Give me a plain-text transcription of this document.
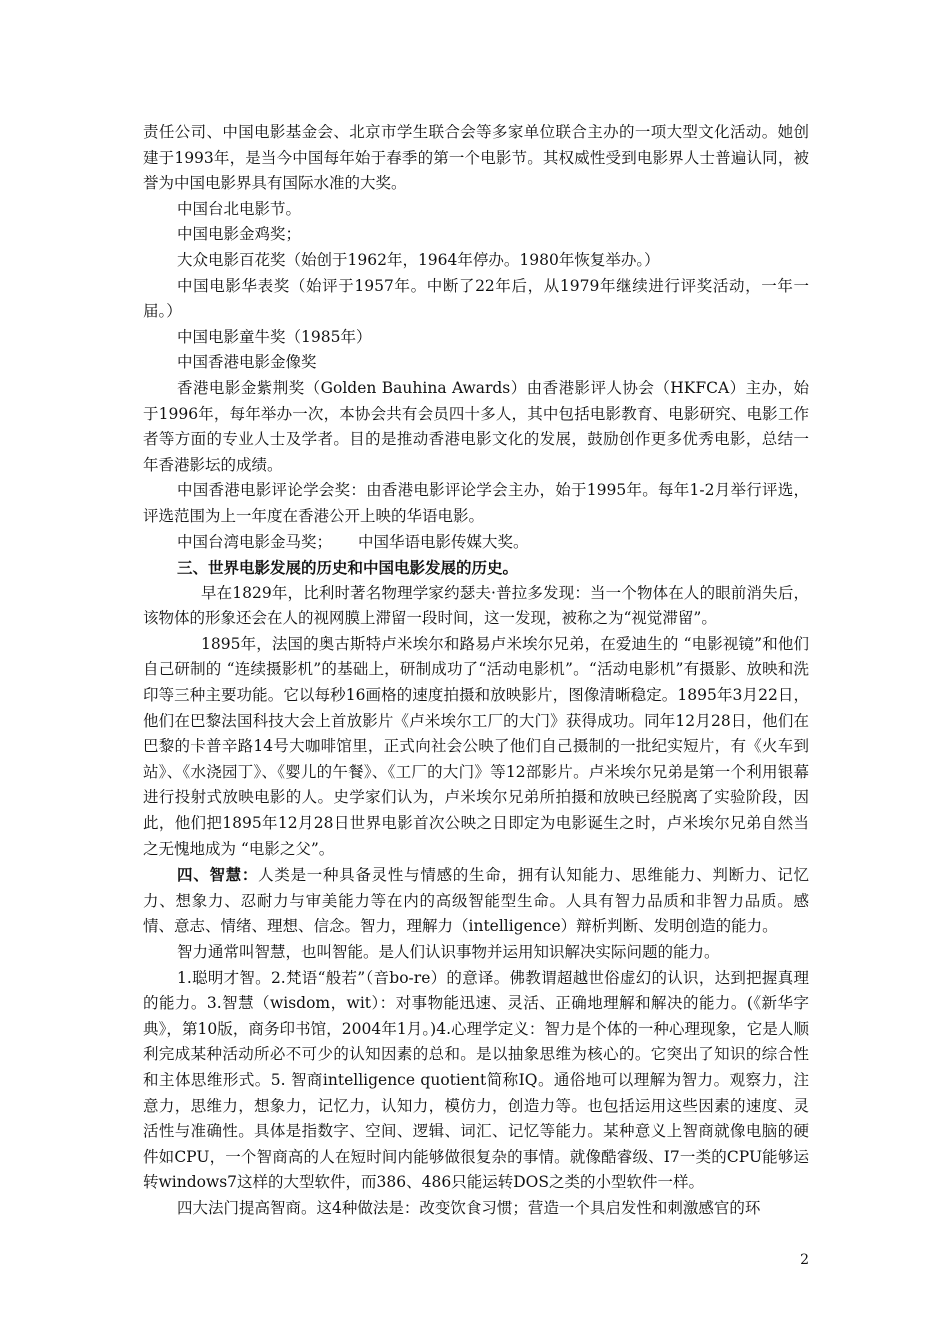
责任公司、中国电影基金会、北京市学生联合会等多家单位联合主办的一项大型文化活动。她创建于1993年，是当今中国每年始于春季的第一个电影节。其权威性受到电影界人士普遍认同，被誉为中国电影界具有国际水准的大奖。

中国台北电影节。

中国电影金鸡奖；

大众电影百花奖（始创于1962年，1964年停办。1980年恢复举办。）

中国电影华表奖（始评于1957年。中断了22年后，从1979年继续进行评奖活动，一年一届。）

中国电影童牛奖（1985年）

中国香港电影金像奖

香港电影金紫荆奖（Golden Bauhina Awards）由香港影评人协会（HKFCA）主办，始于1996年，每年举办一次，本协会共有会员四十多人，其中包括电影教育、电影研究、电影工作者等方面的专业人士及学者。目的是推动香港电影文化的发展，鼓励创作更多优秀电影，总结一年香港影坛的成绩。

中国香港电影评论学会奖：由香港电影评论学会主办，始于1995年。每年1-2月举行评选，评选范围为上一年度在香港公开上映的华语电影。

中国台湾电影金马奖； 中国华语电影传媒大奖。

三、世界电影发展的历史和中国电影发展的历史。

早在1829年，比利时著名物理学家约瑟夫·普拉多发现：当一个物体在人的眼前消失后，该物体的形象还会在人的视网膜上滞留一段时间，这一发现，被称之为“视觉滞留”。

1895年，法国的奥古斯特卢米埃尔和路易卢米埃尔兄弟，在爱迪生的 “电影视镜”和他们自己研制的 “连续摄影机”的基础上，研制成功了“活动电影机”。“活动电影机”有摄影、放映和洗印等三种主要功能。它以每秒16画格的速度拍摄和放映影片，图像清晰稳定。1895年3月22日，他们在巴黎法国科技大会上首放影片《卢米埃尔工厂的大门》获得成功。同年12月28日，他们在巴黎的卡普辛路14号大咖啡馆里，正式向社会公映了他们自己摄制的一批纪实短片，有《火车到站》、《水浇园丁》、《婴儿的午餐》、《工厂的大门》等12部影片。卢米埃尔兄弟是第一个利用银幕进行投射式放映电影的人。史学家们认为，卢米埃尔兄弟所拍摄和放映已经脱离了实验阶段，因此，他们把1895年12月28日世界电影首次公映之日即定为电影诞生之时，卢米埃尔兄弟自然当之无愧地成为 “电影之父”。

四、智慧：人类是一种具备灵性与情感的生命，拥有认知能力、思维能力、判断力、记忆力、想象力、忍耐力与审美能力等在内的高级智能型生命。人具有智力品质和非智力品质。感情、意志、情绪、理想、信念。智力，理解力（intelligence）辩析判断、发明创造的能力。

智力通常叫智慧，也叫智能。是人们认识事物并运用知识解决实际问题的能力。

1.聪明才智。2.梵语“般若”（音bo-re）的意译。佛教谓超越世俗虚幻的认识，达到把握真理的能力。3.智慧（wisdom，wit）：对事物能迅速、灵活、正确地理解和解决的能力。(《新华字典》，第10版，商务印书馆，2004年1月。)4.心理学定义：智力是个体的一种心理现象，它是人顺利完成某种活动所必不可少的认知因素的总和。是以抽象思维为核心的。它突出了知识的综合性和主体思维形式。5. 智商intelligence quotient简称IQ。通俗地可以理解为智力。观察力，注意力，思维力，想象力，记忆力，认知力，模仿力，创造力等。也包括运用这些因素的速度、灵活性与准确性。具体是指数字、空间、逻辑、词汇、记忆等能力。某种意义上智商就像电脑的硬件如CPU，一个智商高的人在短时间内能够做很复杂的事情。就像酷睿级、I7一类的CPU能够运转windows7这样的大型软件，而386、486只能运转DOS之类的小型软件一样。

四大法门提高智商。这4种做法是：改变饮食习惯；营造一个具启发性和刺激感官的环

2
